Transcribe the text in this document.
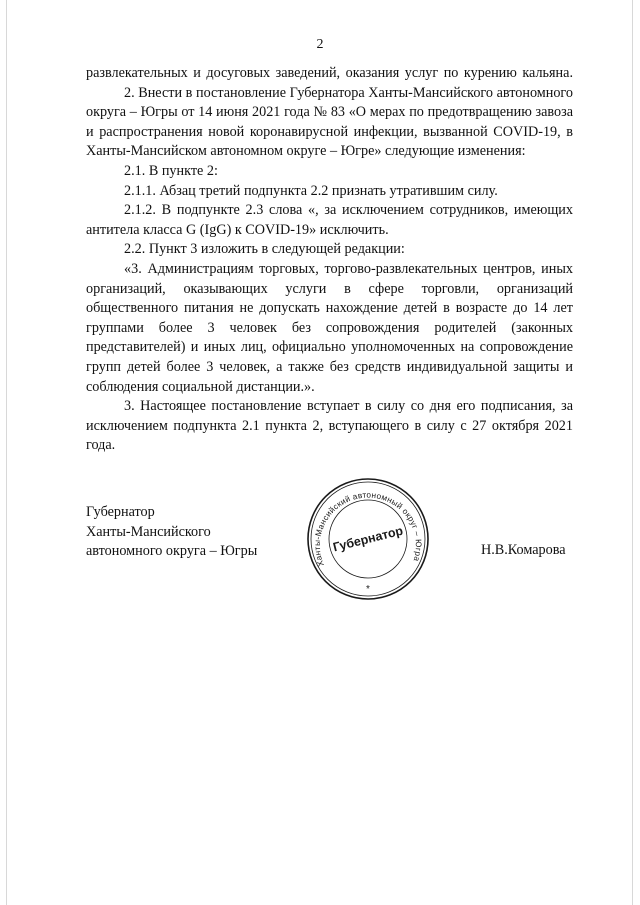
2

развлекательных и досуговых заведений, оказания услуг по курению кальяна.

2. Внести в постановление Губернатора Ханты-Мансийского автономного округа – Югры от 14 июня 2021 года № 83 «О мерах по предотвращению завоза и распространения новой коронавирусной инфекции, вызванной COVID-19, в Ханты-Мансийском автономном округе – Югре» следующие изменения:

2.1. В пункте 2:

2.1.1. Абзац третий подпункта 2.2 признать утратившим силу.

2.1.2. В подпункте 2.3 слова «, за исключением сотрудников, имеющих антитела класса G (IgG) к COVID-19» исключить.

2.2. Пункт 3 изложить в следующей редакции:

«3. Администрациям торговых, торгово-развлекательных центров, иных организаций, оказывающих услуги в сфере торговли, организаций общественного питания не допускать нахождение детей в возрасте до 14 лет группами более 3 человек без сопровождения родителей (законных представителей) и иных лиц, официально уполномоченных на сопровождение групп детей более 3 человек, а также без средств индивидуальной защиты и соблюдения социальной дистанции.».

3. Настоящее постановление вступает в силу со дня его подписания, за исключением подпункта 2.1 пункта 2, вступающего в силу с 27 октября 2021 года.

Губернатор
Ханты-Мансийского
автономного округа – Югры
Ханты-Мансийский автономный округ – Югра
Губернатор
*
Н.В.Комарова
